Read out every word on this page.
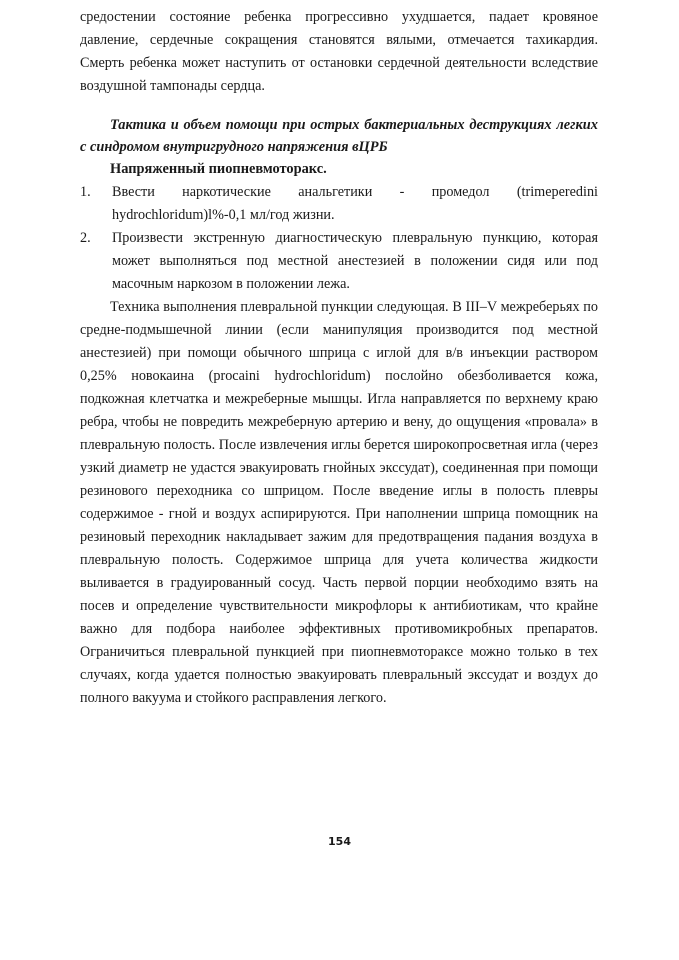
средостении состояние ребенка прогрессивно ухудшается, падает кровяное давление, сердечные сокращения становятся вялыми, отмечается тахикардия. Смерть ребенка может наступить от остановки сердечной деятельности вследствие воздушной тампонады сердца.

Тактика и объем помощи при острых бактериальных деструкциях легких с синдромом внутригрудного напряжения вЦРБ

Напряженный пиопневмоторакс.

1.	Ввести наркотические анальгетики - промедол (trimeperedini hydrochloridum)l%-0,1 мл/год жизни.
2.	Произвести экстренную диагностическую плевральную пункцию, которая может выполняться под местной анестезией в положении сидя или под масочным наркозом в положении лежа.

Техника выполнения плевральной пункции следующая. В III–V межреберьях по средне-подмышечной линии (если манипуляция производится под местной анестезией) при помощи обычного шприца с иглой для в/в инъекции раствором 0,25% новокаина (procaini hydrochloridum) послойно обезболивается кожа, подкожная клетчатка и межреберные мышцы. Игла направляется по верхнему краю ребра, чтобы не повредить межреберную артерию и вену, до ощущения «провала» в плевральную полость. После извлечения иглы берется широкопросветная игла (через узкий диаметр не удастся эвакуировать гнойных экссудат), соединенная при помощи резинового переходника со шприцом. После введение иглы в полость плевры содержимое - гной и воздух аспирируются. При наполнении шприца помощник на резиновый переходник накладывает зажим для предотвращения падания воздуха в плевральную полость. Содержимое шприца для учета количества жидкости выливается в градуированный сосуд. Часть первой порции необходимо взять на посев и определение чувствительности микрофлоры к антибиотикам, что крайне важно для подбора наиболее эффективных противомикробных препаратов. Ограничиться плевральной пункцией при пиопневмотораксе можно только в тех случаях, когда удается полностью эвакуировать плевральный экссудат и воздух до полного вакуума и стойкого расправления легкого.

154
